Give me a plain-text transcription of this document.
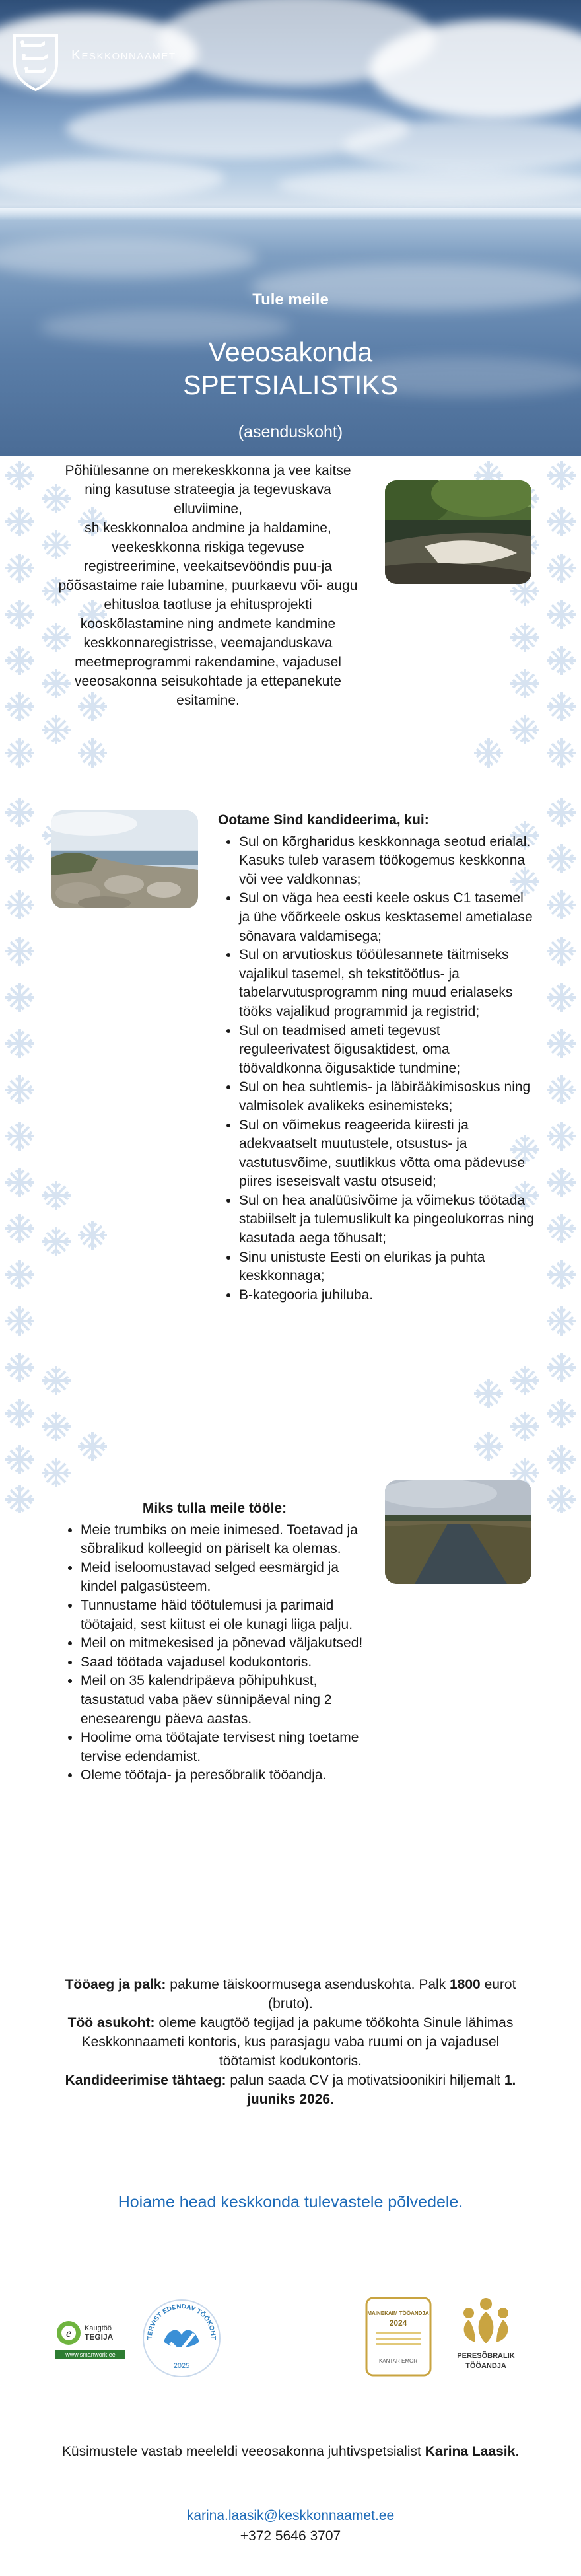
Keskkonnaamet
Tule meile
Veeosakonda
SPETSIALISTIKS
(asenduskoht)
Põhiülesanne on merekeskkonna ja vee kaitse
ning kasutuse strateegia ja tegevuskava
elluviimine,
sh keskkonnaloa andmine ja haldamine,
veekeskkonna riskiga tegevuse
registreerimine, veekaitsevööndis puu-ja
põõsastaime raie lubamine, puurkaevu või- augu
ehitusloa taotluse ja ehitusprojekti
kooskõlastamine ning andmete kandmine
keskkonnaregistrisse, veemajanduskava
meetmeprogrammi rakendamine, vajadusel
veeosakonna seisukohtade ja ettepanekute
esitamine.
Ootame Sind kandideerima, kui:
• Sul on kõrgharidus keskkonnaga seotud erialal. Kasuks tuleb varasem töökogemus keskkonna või vee valdkonnas;
• Sul on väga hea eesti keele oskus C1 tasemel ja ühe võõrkeele oskus kesktasemel ametialase sõnavara valdamisega;
• Sul on arvutioskus tööülesannete täitmiseks vajalikul tasemel, sh tekstitöötlus- ja tabelarvutusprogramm ning muud erialaseks tööks vajalikud programmid ja registrid;
• Sul on teadmised ameti tegevust reguleerivatest õigusaktidest, oma töövaldkonna õigusaktide tundmine;
• Sul on hea suhtlemis- ja läbirääkimisoskus ning valmisolek avalikeks esinemisteks;
• Sul on võimekus reageerida kiiresti ja adekvaatselt muutustele, otsustus- ja vastutusvõime, suutlikkus võtta oma pädevuse piires iseseisvalt vastu otsuseid;
• Sul on hea analüüsivõime ja võimekus töötada stabiilselt ja tulemuslikult ka pingeolukorras ning kasutada aega tõhusalt;
• Sinu unistuste Eesti on elurikas ja puhta keskkonnaga;
• B-kategooria juhiluba.
Miks tulla meile tööle:
• Meie trumbiks on meie inimesed. Toetavad ja sõbralikud kolleegid on päriselt ka olemas.
• Meid iseloomustavad selged eesmärgid ja kindel palgasüsteem.
• Tunnustame häid töötulemusi ja parimaid töötajaid, sest kiitust ei ole kunagi liiga palju.
• Meil on mitmekesised ja põnevad väljakutsed!
• Saad töötada vajadusel kodukontoris.
• Meil on 35 kalendripäeva põhipuhkust, tasustatud vaba päev sünnipäeval ning 2 enesearengu päeva aastas.
• Hoolime oma töötajate tervisest ning toetame tervise edendamist.
• Oleme töötaja- ja peresõbralik tööandja.
Tööaeg ja palk: pakume täiskoormusega asenduskohta. Palk 1800 eurot (bruto).
Töö asukoht: oleme kaugtöö tegijad ja pakume töökohta Sinule lähimas Keskkonnaameti kontoris, kus parasjagu vaba ruumi on ja vajadusel töötamist kodukontoris.
Kandideerimise tähtaeg: palun saada CV ja motivatsioonikiri hiljemalt 1. juuniks 2026.
Hoiame head keskkonda tulevastele põlvedele.
e Kaugtöö
TEGIJA
www.smartwork.ee
TERVIST EDENDAV TÖÖKOHT
2025
MAINEKAIM TÖÖANDJA
2024
KANTAR EMOR
PERESÕBRALIK
TÖÖANDJA
Küsimustele vastab meeleldi veeosakonna juhtivspetsialist Karina Laasik.
karina.laasik@keskkonnaamet.ee
+372 5646 3707
